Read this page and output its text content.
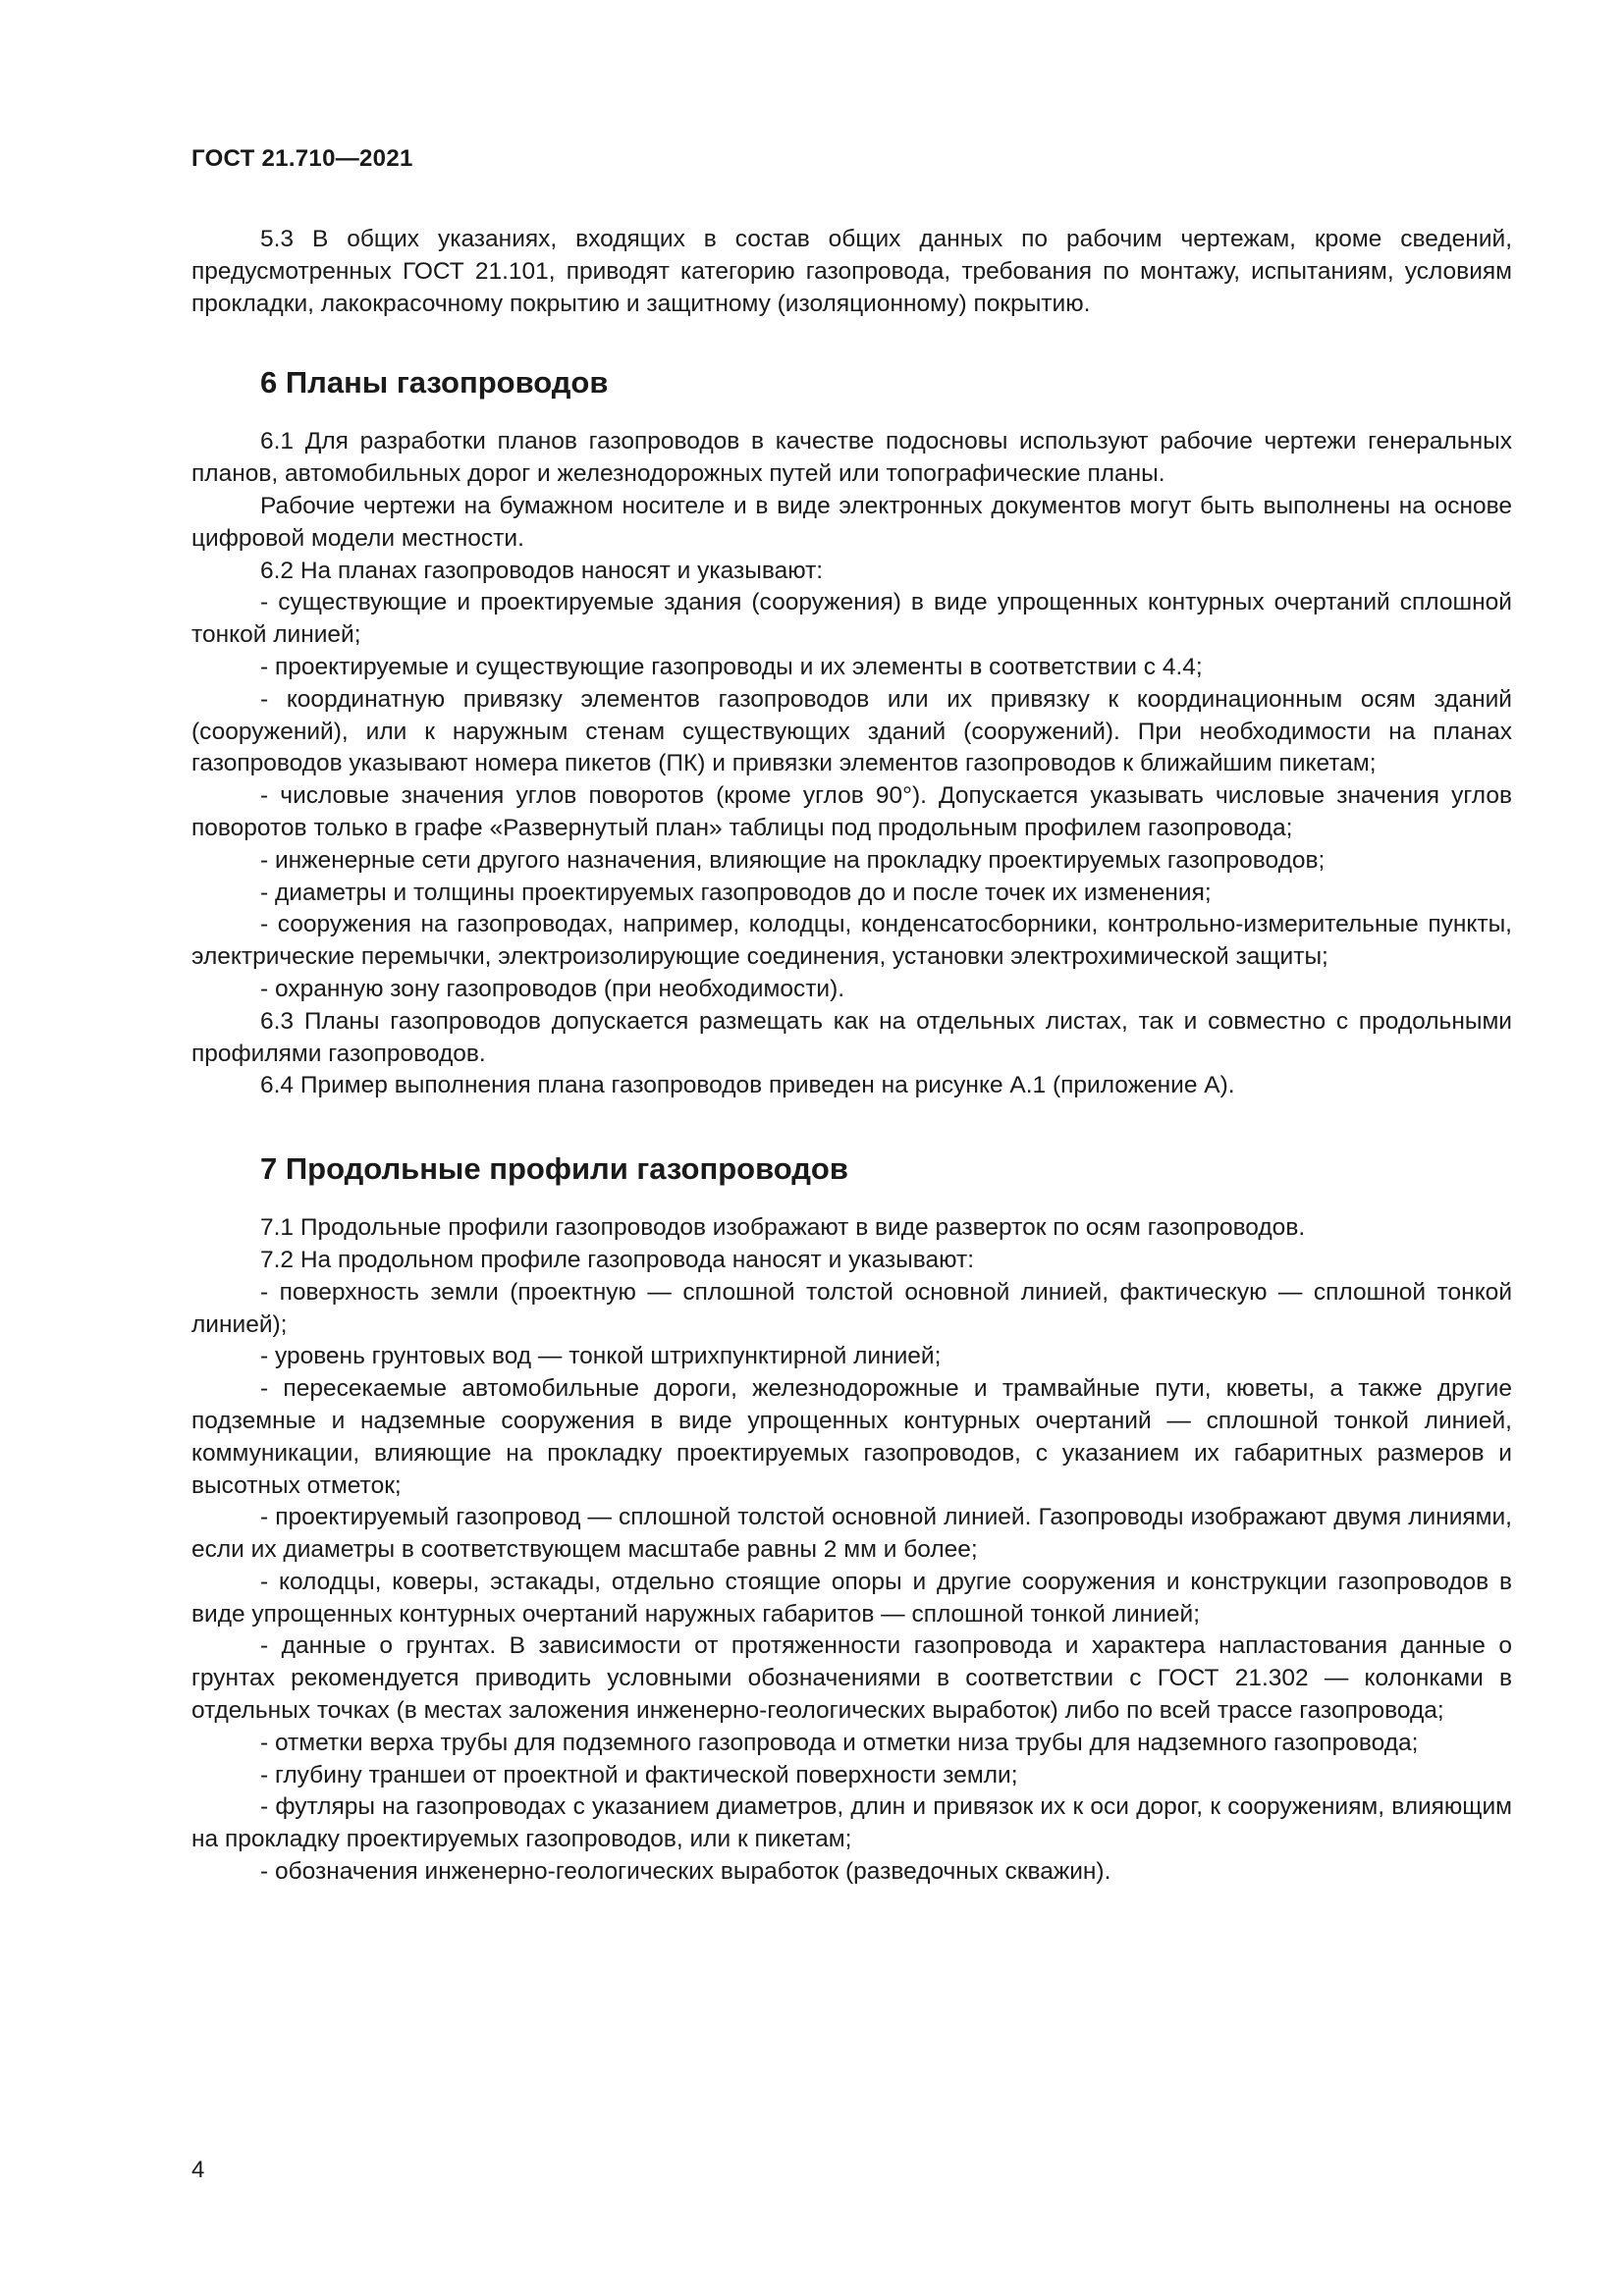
ГОСТ 21.710—2021

5.3 В общих указаниях, входящих в состав общих данных по рабочим чертежам, кроме сведений, предусмотренных ГОСТ 21.101, приводят категорию газопровода, требования по монтажу, испытаниям, условиям прокладки, лакокрасочному покрытию и защитному (изоляционному) покрытию.

6 Планы газопроводов

6.1 Для разработки планов газопроводов в качестве подосновы используют рабочие чертежи генеральных планов, автомобильных дорог и железнодорожных путей или топографические планы.

Рабочие чертежи на бумажном носителе и в виде электронных документов могут быть выполнены на основе цифровой модели местности.

6.2 На планах газопроводов наносят и указывают:

- существующие и проектируемые здания (сооружения) в виде упрощенных контурных очертаний сплошной тонкой линией;

- проектируемые и существующие газопроводы и их элементы в соответствии с 4.4;

- координатную привязку элементов газопроводов или их привязку к координационным осям зданий (сооружений), или к наружным стенам существующих зданий (сооружений). При необходимости на планах газопроводов указывают номера пикетов (ПК) и привязки элементов газопроводов к ближайшим пикетам;

- числовые значения углов поворотов (кроме углов 90°). Допускается указывать числовые значения углов поворотов только в графе «Развернутый план» таблицы под продольным профилем газопровода;

- инженерные сети другого назначения, влияющие на прокладку проектируемых газопроводов;

- диаметры и толщины проектируемых газопроводов до и после точек их изменения;

- сооружения на газопроводах, например, колодцы, конденсатосборники, контрольно-измерительные пункты, электрические перемычки, электроизолирующие соединения, установки электрохимической защиты;

- охранную зону газопроводов (при необходимости).

6.3 Планы газопроводов допускается размещать как на отдельных листах, так и совместно с продольными профилями газопроводов.

6.4 Пример выполнения плана газопроводов приведен на рисунке А.1 (приложение А).

7 Продольные профили газопроводов

7.1 Продольные профили газопроводов изображают в виде разверток по осям газопроводов.

7.2 На продольном профиле газопровода наносят и указывают:

- поверхность земли (проектную — сплошной толстой основной линией, фактическую — сплошной тонкой линией);

- уровень грунтовых вод — тонкой штрихпунктирной линией;

- пересекаемые автомобильные дороги, железнодорожные и трамвайные пути, кюветы, а также другие подземные и надземные сооружения в виде упрощенных контурных очертаний — сплошной тонкой линией, коммуникации, влияющие на прокладку проектируемых газопроводов, с указанием их габаритных размеров и высотных отметок;

- проектируемый газопровод — сплошной толстой основной линией. Газопроводы изображают двумя линиями, если их диаметры в соответствующем масштабе равны 2 мм и более;

- колодцы, коверы, эстакады, отдельно стоящие опоры и другие сооружения и конструкции газопроводов в виде упрощенных контурных очертаний наружных габаритов — сплошной тонкой линией;

- данные о грунтах. В зависимости от протяженности газопровода и характера напластования данные о грунтах рекомендуется приводить условными обозначениями в соответствии с ГОСТ 21.302 — колонками в отдельных точках (в местах заложения инженерно-геологических выработок) либо по всей трассе газопровода;

- отметки верха трубы для подземного газопровода и отметки низа трубы для надземного газопровода;

- глубину траншеи от проектной и фактической поверхности земли;

- футляры на газопроводах с указанием диаметров, длин и привязок их к оси дорог, к сооружениям, влияющим на прокладку проектируемых газопроводов, или к пикетам;

- обозначения инженерно-геологических выработок (разведочных скважин).

4
